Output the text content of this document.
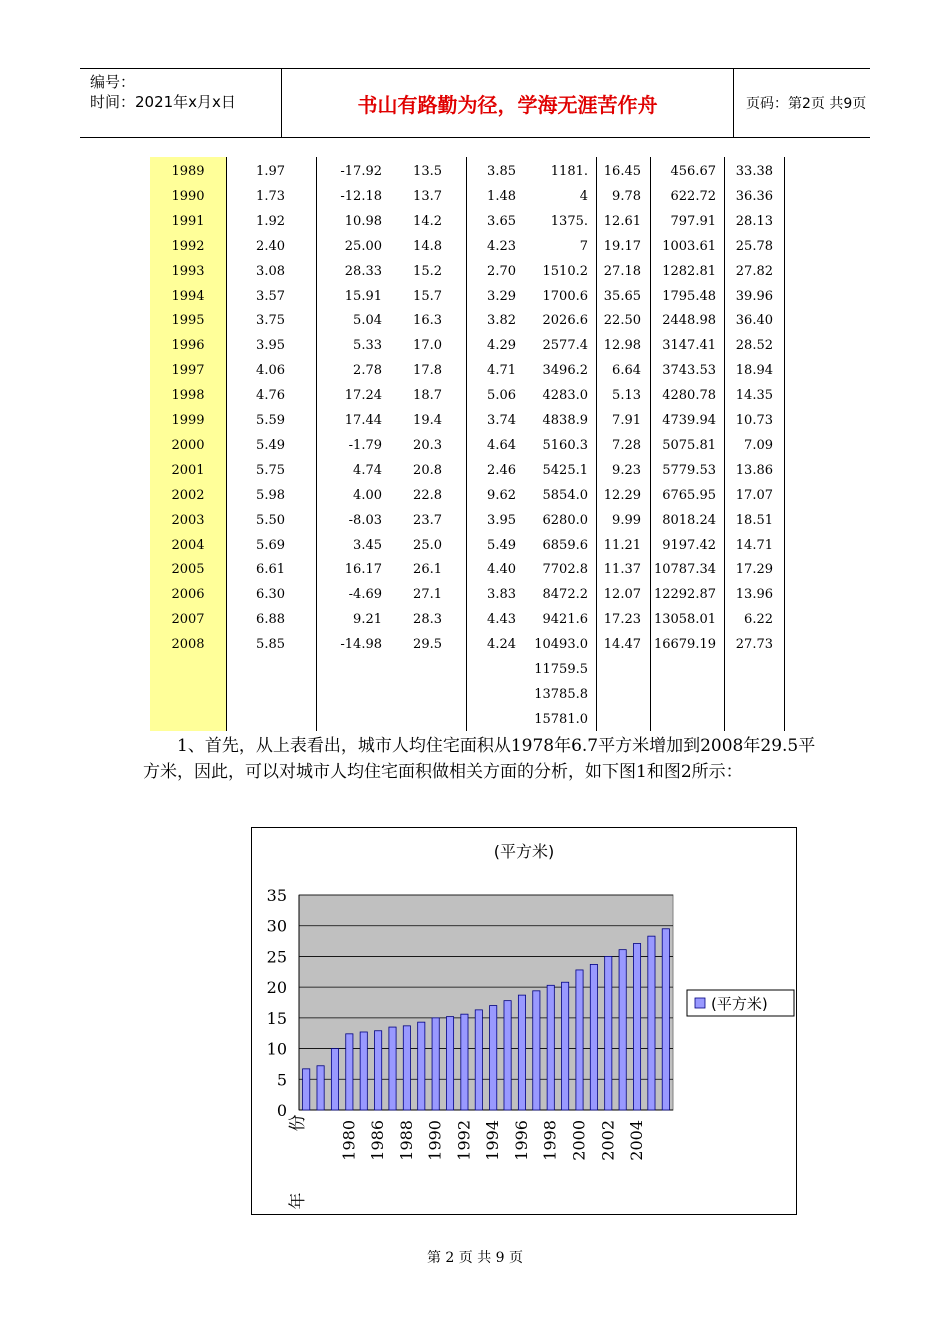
编号：
时间：2021年x月x日	书山有路勤为径，学海无涯苦作舟	页码：第2页 共9页
1989	1.97	-17.92	13.5	3.85	1181.	16.45	456.67	33.38
1990	1.73	-12.18	13.7	1.48	4	9.78	622.72	36.36
1991	1.92	10.98	14.2	3.65	1375.	12.61	797.91	28.13
1992	2.40	25.00	14.8	4.23	7	19.17	1003.61	25.78
1993	3.08	28.33	15.2	2.70	1510.2	27.18	1282.81	27.82
1994	3.57	15.91	15.7	3.29	1700.6	35.65	1795.48	39.96
1995	3.75	5.04	16.3	3.82	2026.6	22.50	2448.98	36.40
1996	3.95	5.33	17.0	4.29	2577.4	12.98	3147.41	28.52
1997	4.06	2.78	17.8	4.71	3496.2	6.64	3743.53	18.94
1998	4.76	17.24	18.7	5.06	4283.0	5.13	4280.78	14.35
1999	5.59	17.44	19.4	3.74	4838.9	7.91	4739.94	10.73
2000	5.49	-1.79	20.3	4.64	5160.3	7.28	5075.81	7.09
2001	5.75	4.74	20.8	2.46	5425.1	9.23	5779.53	13.86
2002	5.98	4.00	22.8	9.62	5854.0	12.29	6765.95	17.07
2003	5.50	-8.03	23.7	3.95	6280.0	9.99	8018.24	18.51
2004	5.69	3.45	25.0	5.49	6859.6	11.21	9197.42	14.71
2005	6.61	16.17	26.1	4.40	7702.8	11.37 10787.34	17.29
2006	6.30	-4.69	27.1	3.83	8472.2	12.07 12292.87	13.96
2007	6.88	9.21	28.3	4.43	9421.6	17.23 13058.01	6.22
2008	5.85	-14.98	29.5	4.24	10493.0	14.47 16679.19	27.73
11759.5
13785.8
15781.0
1、首先，从上表看出，城市人均住宅面积从1978年6.7平方米增加到2008年29.5平方米，因此，可以对城市人均住宅面积做相关方面的分析，如下图1和图2所示：
0
5
10
15
20
25
30
35
1980 1986 1988 1990 1992 1994 1996 1998 2000 2002 2004
份
年
(平方米)
(平方米)
第 2 页 共 9 页
